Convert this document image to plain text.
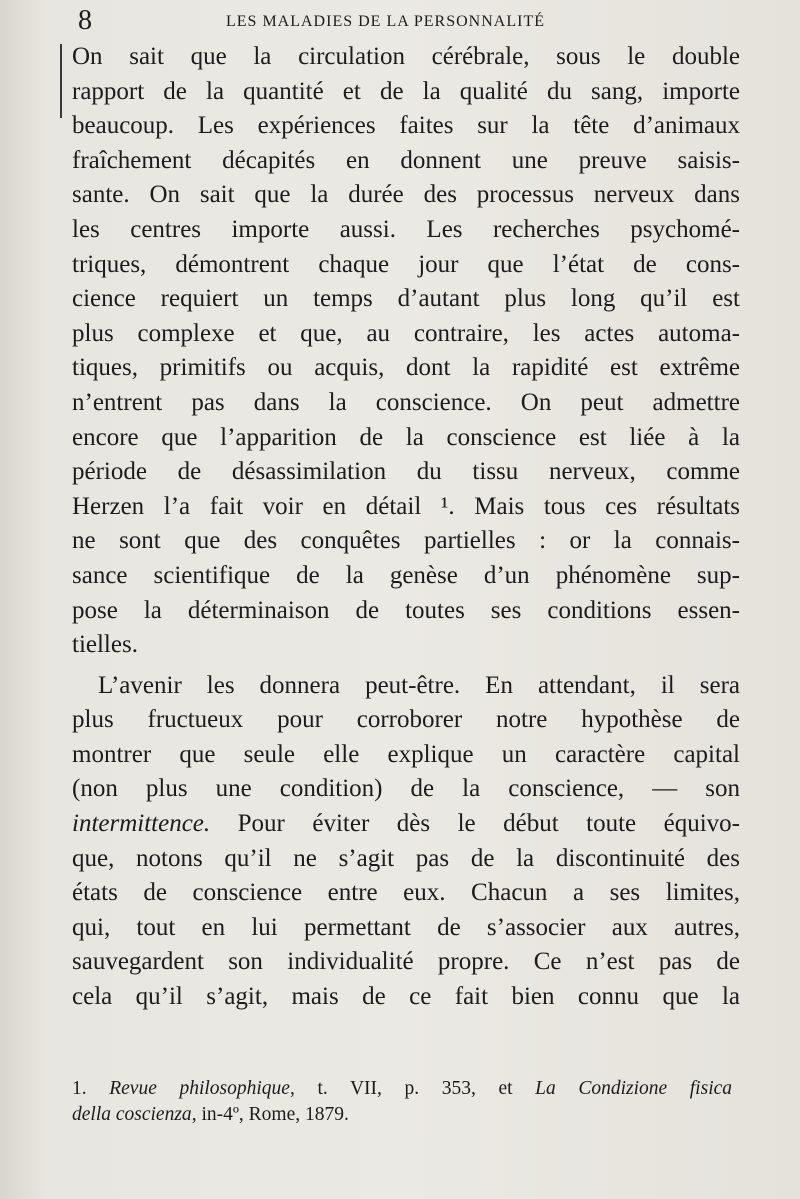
8	LES MALADIES DE LA PERSONNALITÉ
On sait que la circulation cérébrale, sous le double
rapport de la quantité et de la qualité du sang, importe
beaucoup. Les expériences faites sur la tête d’animaux
fraîchement décapités en donnent une preuve saisis-
sante. On sait que la durée des processus nerveux dans
les centres importe aussi. Les recherches psychomé-
triques, démontrent chaque jour que l’état de cons-
cience requiert un temps d’autant plus long qu’il est
plus complexe et que, au contraire, les actes automa-
tiques, primitifs ou acquis, dont la rapidité est extrême
n’entrent pas dans la conscience. On peut admettre
encore que l’apparition de la conscience est liée à la
période de désassimilation du tissu nerveux, comme
Herzen l’a fait voir en détail ¹. Mais tous ces résultats
ne sont que des conquêtes partielles : or la connais-
sance scientifique de la genèse d’un phénomène sup-
pose la déterminaison de toutes ses conditions essen-
tielles.
L’avenir les donnera peut-être. En attendant, il sera
plus fructueux pour corroborer notre hypothèse de
montrer que seule elle explique un caractère capital
(non plus une condition) de la conscience, — son
intermittence. Pour éviter dès le début toute équivo-
que, notons qu’il ne s’agit pas de la discontinuité des
états de conscience entre eux. Chacun a ses limites,
qui, tout en lui permettant de s’associer aux autres,
sauvegardent son individualité propre. Ce n’est pas de
cela qu’il s’agit, mais de ce fait bien connu que la
1. Revue philosophique, t. VII, p. 353, et La Condizione fisica
della coscienza, in-4º, Rome, 1879.
